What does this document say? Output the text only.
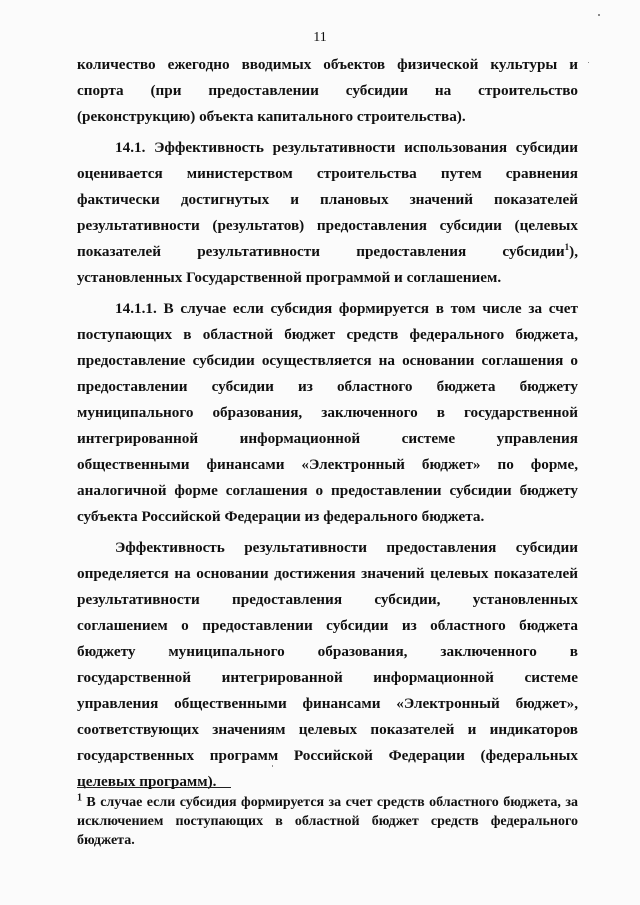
11

количество ежегодно вводимых объектов физической культуры и спорта (при предоставлении субсидии на строительство (реконструкцию) объекта капитального строительства).

14.1. Эффективность результативности использования субсидии оценивается министерством строительства путем сравнения фактически достигнутых и плановых значений показателей результативности (результатов) предоставления субсидии (целевых показателей результативности предоставления субсидии$^1$), установленных Государственной программой и соглашением.

14.1.1. В случае если субсидия формируется в том числе за счет поступающих в областной бюджет средств федерального бюджета, предоставление субсидии осуществляется на основании соглашения о предоставлении субсидии из областного бюджета бюджету муниципального образования, заключенного в государственной интегрированной информационной системе управления общественными финансами «Электронный бюджет» по форме, аналогичной форме соглашения о предоставлении субсидии бюджету субъекта Российской Федерации из федерального бюджета.

Эффективность результативности предоставления субсидии определяется на основании достижения значений целевых показателей результативности предоставления субсидии, установленных соглашением о предоставлении субсидии из областного бюджета бюджету муниципального образования, заключенного в государственной интегрированной информационной системе управления общественными финансами «Электронный бюджет», соответствующих значениям целевых показателей и индикаторов государственных программ Российской Федерации (федеральных целевых программ).

$^1$ В случае если субсидия формируется за счет средств областного бюджета, за исключением поступающих в областной бюджет средств федерального бюджета.
